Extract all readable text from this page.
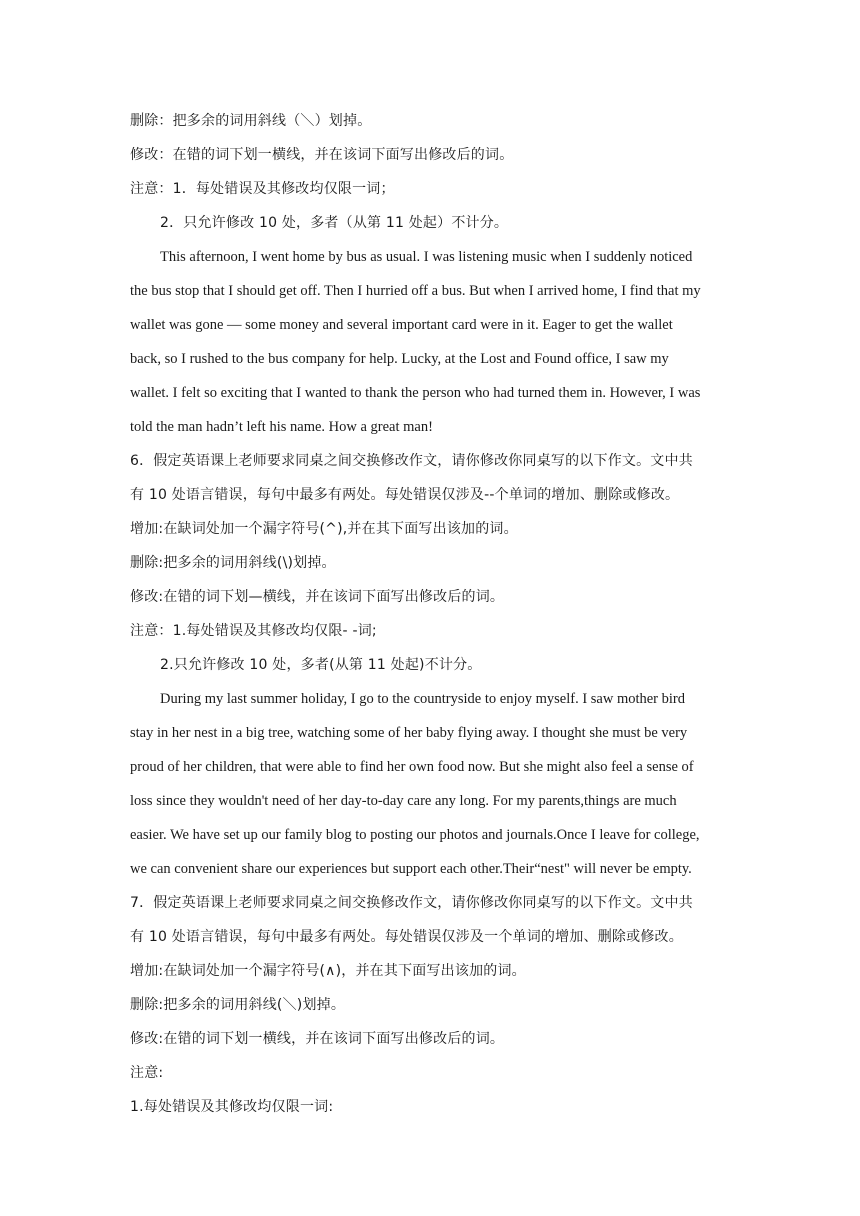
删除：把多余的词用斜线（＼）划掉。
修改：在错的词下划一横线，并在该词下面写出修改后的词。
注意：1．每处错误及其修改均仅限一词；
2．只允许修改 10 处，多者（从第 11 处起）不计分。
This afternoon, I went home by bus as usual. I was listening music when I suddenly noticed
the bus stop that I should get off. Then I hurried off a bus. But when I arrived home, I find that my
wallet was gone — some money and several important card were in it. Eager to get the wallet
back, so I rushed to the bus company for help. Lucky, at the Lost and Found office, I saw my
wallet. I felt so exciting that I wanted to thank the person who had turned them in. However, I was
told the man hadn’t left his name. How a great man!
6．假定英语课上老师要求同桌之间交换修改作文，请你修改你同桌写的以下作文。文中共
有 10 处语言错误，每句中最多有两处。每处错误仅涉及--个单词的增加、删除或修改。
增加:在缺词处加一个漏字符号(^),并在其下面写出该加的词。
删除:把多余的词用斜线(\)划掉。
修改:在错的词下划—横线，并在该词下面写出修改后的词。
注意：1.每处错误及其修改均仅限- -词;
2.只允许修改 10 处，多者(从第 11 处起)不计分。
During my last summer holiday, I go to the countryside to enjoy myself. I saw mother bird
stay in her nest in a big tree, watching some of her baby flying away. I thought she must be very
proud of her children, that were able to find her own food now. But she might also feel a sense of
loss since they wouldn't need of her day-to-day care any long. For my parents,things are much
easier. We have set up our family blog to posting our photos and journals.Once I leave for college,
we can convenient share our experiences but support each other.Their“nest" will never be empty.
7．假定英语课上老师要求同桌之间交换修改作文，请你修改你同桌写的以下作文。文中共
有 10 处语言错误，每句中最多有两处。每处错误仅涉及一个单词的增加、删除或修改。
增加:在缺词处加一个漏字符号(∧)，并在其下面写出该加的词。
删除:把多余的词用斜线(＼)划掉。
修改:在错的词下划一横线，并在该词下面写出修改后的词。
注意:
1.每处错误及其修改均仅限一词:
